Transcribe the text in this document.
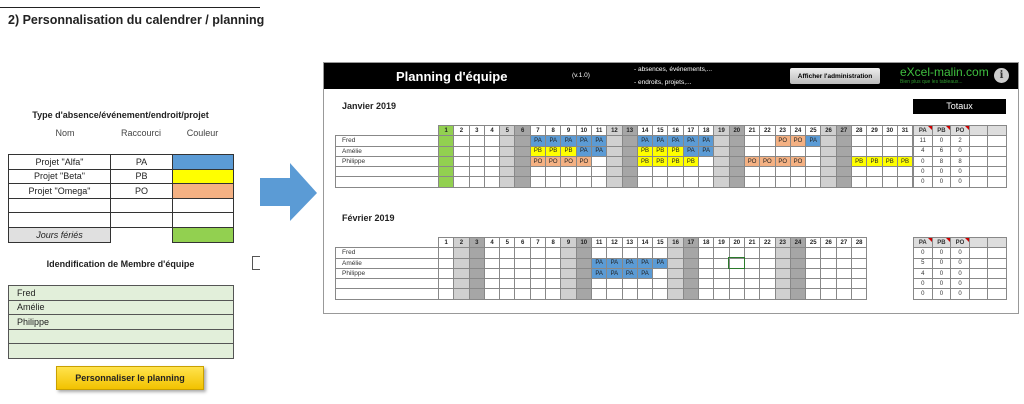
2) Personnalisation du calendrer / planning
Type d'absence/événement/endroit/projet
Nom	Raccourci	Couleur
Projet "Alfa"	PA	
Projet "Beta"	PB	
Projet "Omega"	PO	

Jours fériés		
Idendification de Membre d'équipe
Fred
Amélie
Philippe

Personnaliser le planning
Planning d'équipe	(v.1.0)
- absences, événements,...
- endroits, projets,...
Afficher l'administration	eXcel-malin.com
Bien plus que les tableaux...
i
Totaux
Janvier 2019
	1	2	3	4	5	6	7	8	9	10	11	12	13	14	15	16	17	18	19	20	21	22	23	24	25	26	27	28	29	30	31
Fred							PA	PA	PA	PA	PA			PA	PA	PA	PA	PA					PO	PO	PA						
Amélie							PB	PB	PB	PA	PA			PB	PB	PB	PA	PA													
Philippe							PO	PO	PO	PO				PB	PB	PB	PB				PO	PO	PO	PO				PB	PB	PB	PB

PA	PB	PO		
11	0	2		
4	6	0		
0	8	8		
0	0	0		
0	0	0		
Février 2019
	1	2	3	4	5	6	7	8	9	10	11	12	13	14	15	16	17	18	19	20	21	22	23	24	25	26	27	28
Fred																												
Amélie											PA	PA	PA	PA	PA													
Philippe											PA	PA	PA	PA														

PA	PB	PO		
0	0	0		
5	0	0		
4	0	0		
0	0	0		
0	0	0		
